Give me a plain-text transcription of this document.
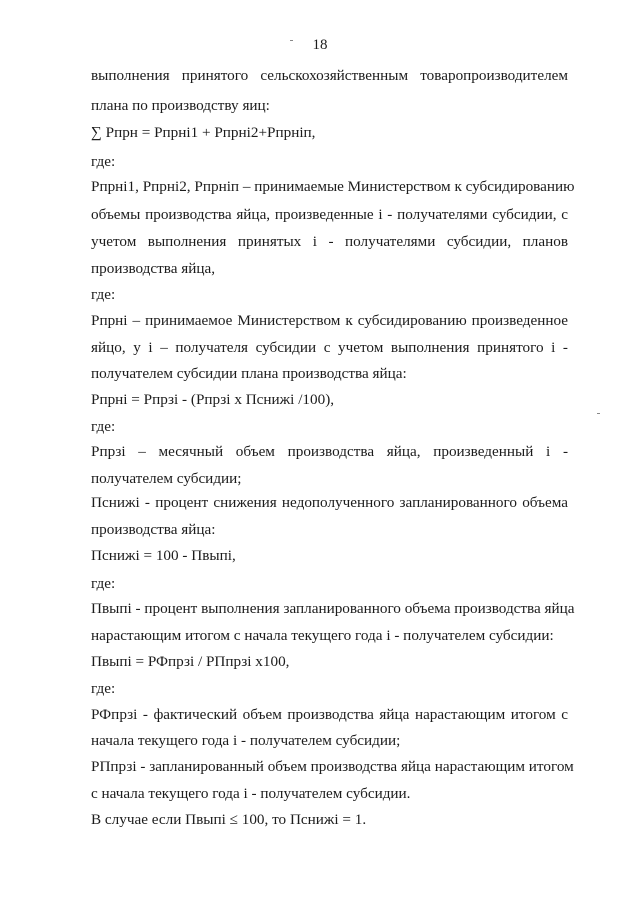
18
выполнения принятого сельскохозяйственным товаропроизводителем
плана по производству яиц:
∑ Рпрн = Рпрнi1 + Рпрнi2+Рпрнiп,
где:
Рпрнi1, Рпрнi2, Рпрнiп – принимаемые Министерством к субсидированию
объемы производства яйца, произведенные i - получателями субсидии, с
учетом выполнения принятых i - получателями субсидии, планов
производства яйца,
где:
Рпрнi – принимаемое Министерством к субсидированию произведенное
яйцо, у i – получателя субсидии с учетом выполнения принятого i -
получателем субсидии плана производства яйца:
Рпрнi = Рпрзi - (Рпрзi х Пснижi /100),
где:
Рпрзi – месячный объем производства яйца, произведенный i -
получателем субсидии;
Пснижi - процент снижения недополученного запланированного объема
производства яйца:
Пснижi = 100 - Пвыпi,
где:
Пвыпi - процент выполнения запланированного объема производства яйца
нарастающим итогом с начала текущего года i - получателем субсидии:
Пвыпi = РФпрзi / РПпрзi х100,
где:
РФпрзi - фактический объем производства яйца нарастающим итогом с
начала текущего года i - получателем субсидии;
РПпрзi - запланированный объем производства яйца нарастающим итогом
с начала текущего года i - получателем субсидии.
В случае если Пвыпi ≤ 100, то Пснижi = 1.
